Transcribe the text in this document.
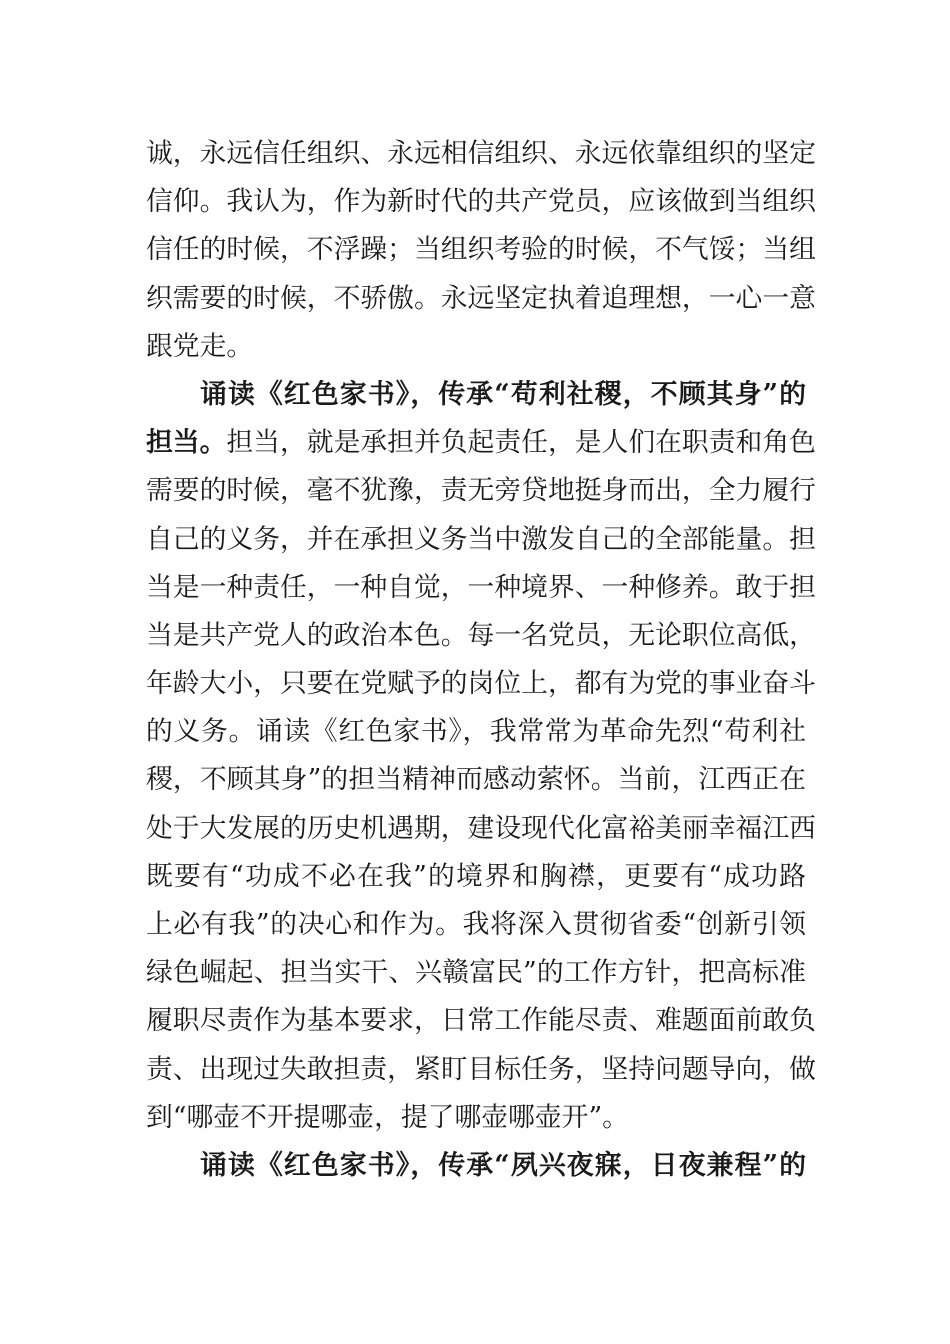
诚，永远信任组织、永远相信组织、永远依靠组织的坚定
信仰。我认为，作为新时代的共产党员，应该做到当组织
信任的时候，不浮躁；当组织考验的时候，不气馁；当组
织需要的时候，不骄傲。永远坚定执着追理想，一心一意
跟党走。
诵读《红色家书》，传承“苟利社稷，不顾其身”的
担当。担当，就是承担并负起责任，是人们在职责和角色
需要的时候，毫不犹豫，责无旁贷地挺身而出，全力履行
自己的义务，并在承担义务当中激发自己的全部能量。担
当是一种责任，一种自觉，一种境界、一种修养。敢于担
当是共产党人的政治本色。每一名党员，无论职位高低，
年龄大小，只要在党赋予的岗位上，都有为党的事业奋斗
的义务。诵读《红色家书》，我常常为革命先烈“苟利社
稷，不顾其身”的担当精神而感动萦怀。当前，江西正在
处于大发展的历史机遇期，建设现代化富裕美丽幸福江西
既要有“功成不必在我”的境界和胸襟，更要有“成功路
上必有我”的决心和作为。我将深入贯彻省委“创新引领
绿色崛起、担当实干、兴赣富民”的工作方针，把高标准
履职尽责作为基本要求，日常工作能尽责、难题面前敢负
责、出现过失敢担责，紧盯目标任务，坚持问题导向，做
到“哪壶不开提哪壶，提了哪壶哪壶开”。
诵读《红色家书》，传承“夙兴夜寐，日夜兼程”的
